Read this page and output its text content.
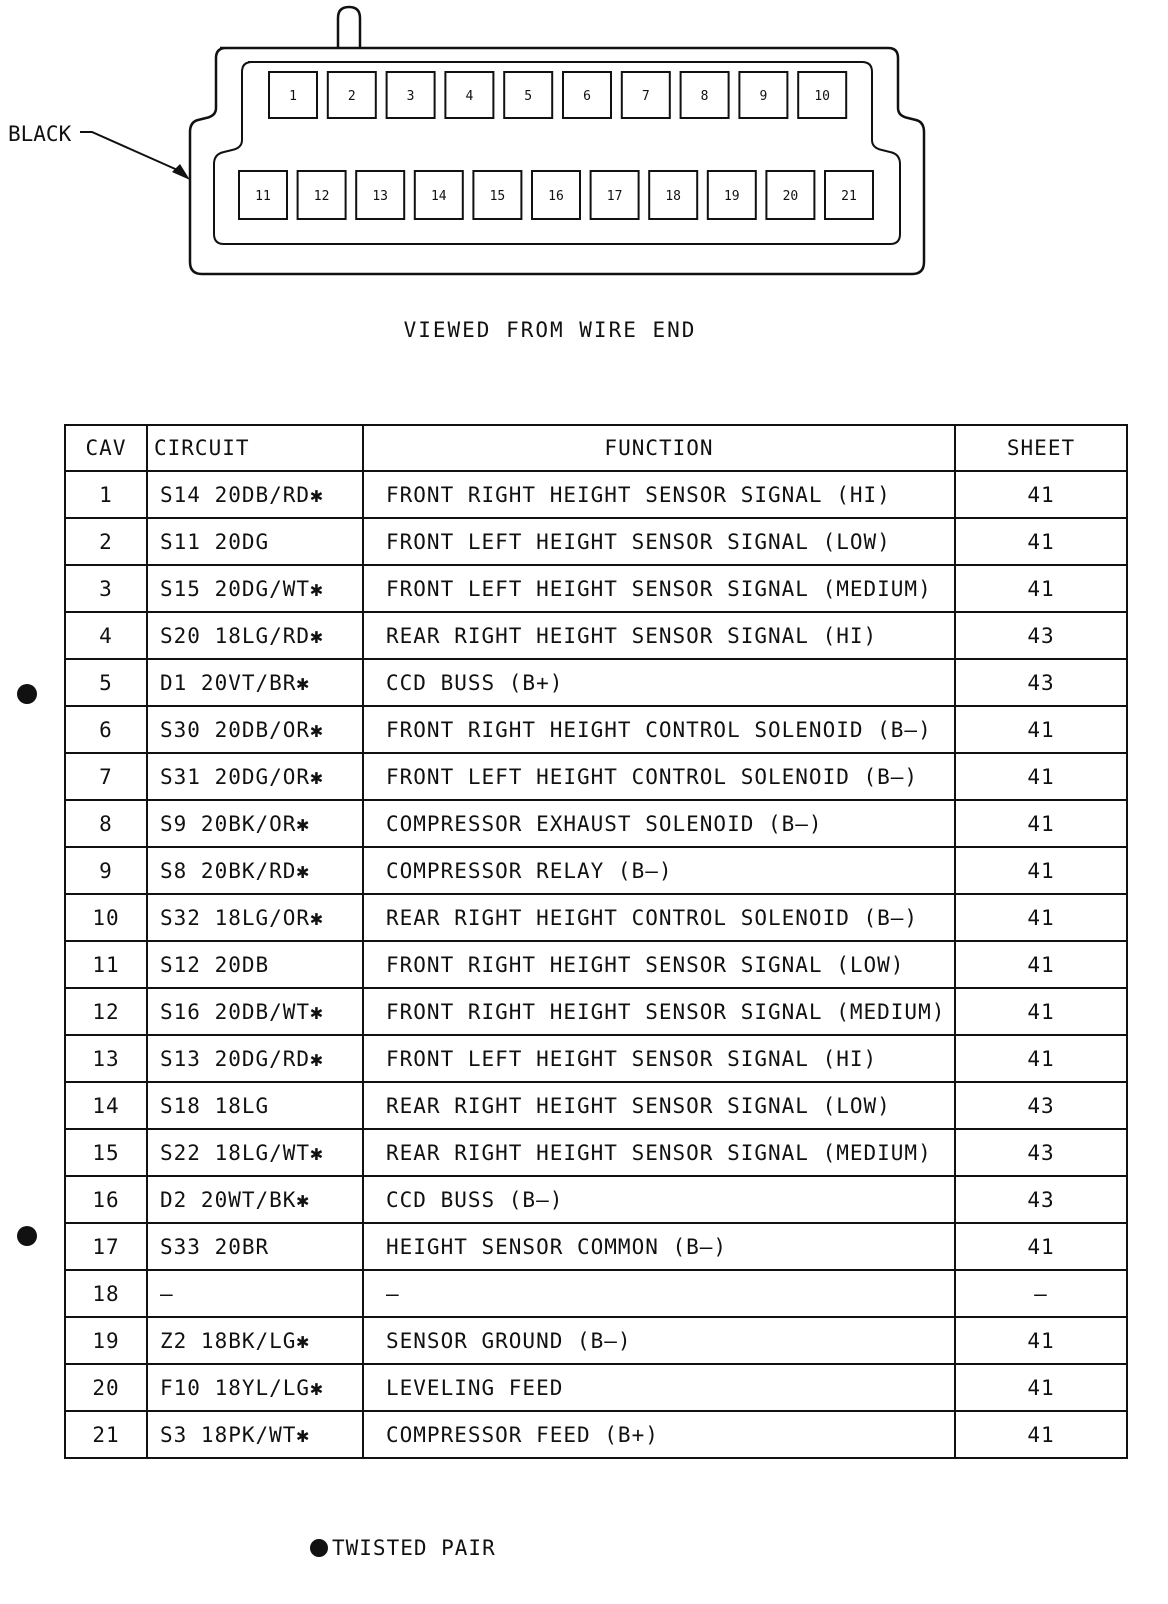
BLACK
1	2	3	4	5	6	7	8	9	10
11	12	13	14	15	16	17	18	19	20	21
VIEWED FROM WIRE END
CAV	CIRCUIT	FUNCTION	SHEET
1	S14 20DB/RD✱	FRONT RIGHT HEIGHT SENSOR SIGNAL (HI)	41
2	S11 20DG	FRONT LEFT HEIGHT SENSOR SIGNAL (LOW)	41
3	S15 20DG/WT✱	FRONT LEFT HEIGHT SENSOR SIGNAL (MEDIUM)	41
4	S20 18LG/RD✱	REAR RIGHT HEIGHT SENSOR SIGNAL (HI)	43
5	D1 20VT/BR✱	CCD BUSS (B+)	43
6	S30 20DB/OR✱	FRONT RIGHT HEIGHT CONTROL SOLENOID (B—)	41
7	S31 20DG/OR✱	FRONT LEFT HEIGHT CONTROL SOLENOID (B—)	41
8	S9 20BK/OR✱	COMPRESSOR EXHAUST SOLENOID (B—)	41
9	S8 20BK/RD✱	COMPRESSOR RELAY (B—)	41
10	S32 18LG/OR✱	REAR RIGHT HEIGHT CONTROL SOLENOID (B—)	41
11	S12 20DB	FRONT RIGHT HEIGHT SENSOR SIGNAL (LOW)	41
12	S16 20DB/WT✱	FRONT RIGHT HEIGHT SENSOR SIGNAL (MEDIUM)	41
13	S13 20DG/RD✱	FRONT LEFT HEIGHT SENSOR SIGNAL (HI)	41
14	S18 18LG	REAR RIGHT HEIGHT SENSOR SIGNAL (LOW)	43
15	S22 18LG/WT✱	REAR RIGHT HEIGHT SENSOR SIGNAL (MEDIUM)	43
16	D2 20WT/BK✱	CCD BUSS (B—)	43
17	S33 20BR	HEIGHT SENSOR COMMON (B—)	41
18	—	—	—
19	Z2 18BK/LG✱	SENSOR GROUND (B—)	41
20	F10 18YL/LG✱	LEVELING FEED	41
21	S3 18PK/WT✱	COMPRESSOR FEED (B+)	41
TWISTED PAIR
